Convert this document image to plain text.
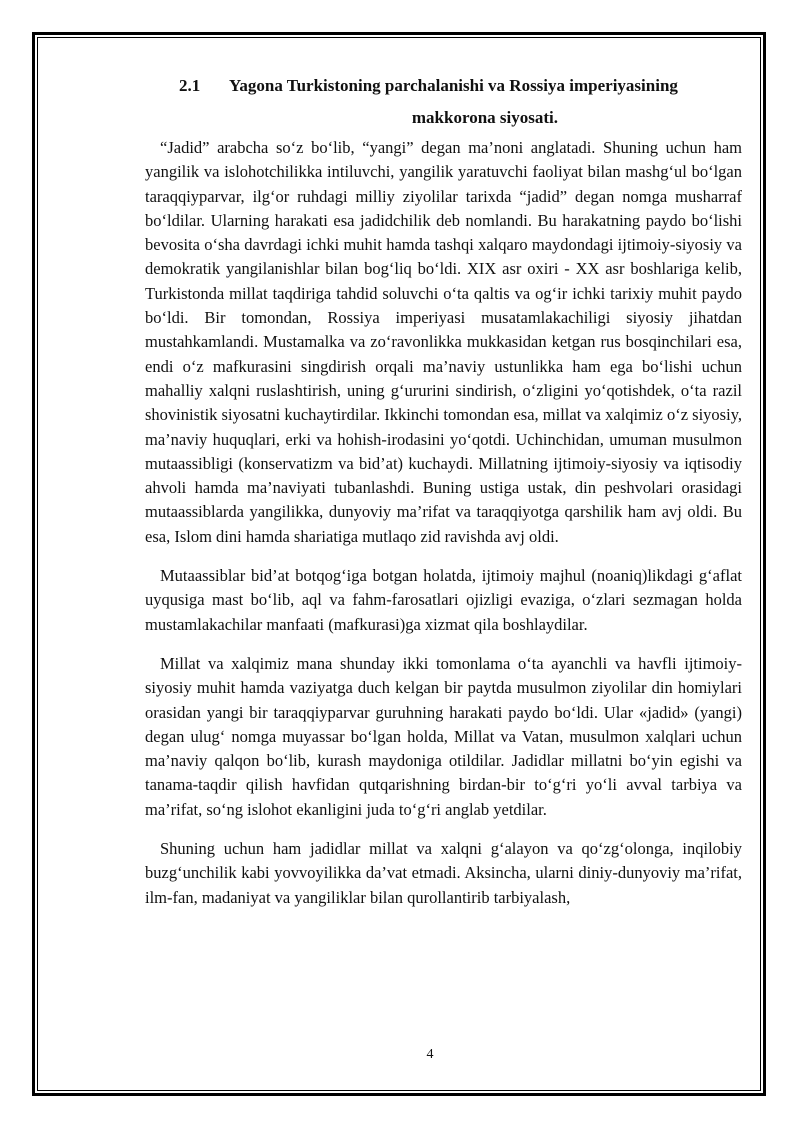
2.1 Yagona Turkistoning parchalanishi va Rossiya imperiyasining
makkorona siyosati.

“Jadid” arabcha so‘z bo‘lib, “yangi” degan ma’noni anglatadi. Shuning uchun ham yangilik va islohotchilikka intiluvchi, yangilik yaratuvchi faoliyat bilan mashg‘ul bo‘lgan taraqqiyparvar, ilg‘or ruhdagi milliy ziyolilar tarixda “jadid” degan nomga musharraf bo‘ldilar. Ularning harakati esa jadidchilik deb nomlandi. Bu harakatning paydo bo‘lishi bevosita o‘sha davrdagi ichki muhit hamda tashqi xalqaro maydondagi ijtimoiy-siyosiy va demokratik yangilanishlar bilan bog‘liq bo‘ldi. XIX asr oxiri - XX asr boshlariga kelib, Turkistonda millat taqdiriga tahdid soluvchi o‘ta qaltis va og‘ir ichki tarixiy muhit paydo bo‘ldi. Bir tomondan, Rossiya imperiyasi musatamlakachiligi siyosiy jihatdan mustahkamlandi. Mustamalka va zo‘ravonlikka mukkasidan ketgan rus bosqinchilari esa, endi o‘z mafkurasini singdirish orqali ma’naviy ustunlikka ham ega bo‘lishi uchun mahalliy xalqni ruslashtirish, uning g‘ururini sindirish, o‘zligini yo‘qotishdek, o‘ta razil shovinistik siyosatni kuchaytirdilar. Ikkinchi tomondan esa, millat va xalqimiz o‘z siyosiy, ma’naviy huquqlari, erki va hohish-irodasini yo‘qotdi. Uchinchidan, umuman musulmon mutaassibligi (konservatizm va bid’at) kuchaydi. Millatning ijtimoiy-siyosiy va iqtisodiy ahvoli hamda ma’naviyati tubanlashdi. Buning ustiga ustak, din peshvolari orasidagi mutaassiblarda yangilikka, dunyoviy ma’rifat va taraqqiyotga qarshilik ham avj oldi. Bu esa, Islom dini hamda shariatiga mutlaqo zid ravishda avj oldi.

Mutaassiblar bid’at botqog‘iga botgan holatda, ijtimoiy majhul (noaniq)likdagi g‘aflat uyqusiga mast bo‘lib, aql va fahm-farosatlari ojizligi evaziga, o‘zlari sezmagan holda mustamlakachilar manfaati (mafkurasi)ga xizmat qila boshlaydilar.

Millat va xalqimiz mana shunday ikki tomonlama o‘ta ayanchli va havfli ijtimoiy-siyosiy muhit hamda vaziyatga duch kelgan bir paytda musulmon ziyolilar din homiylari orasidan yangi bir taraqqiyparvar guruhning harakati paydo bo‘ldi. Ular «jadid» (yangi) degan ulug‘ nomga muyassar bo‘lgan holda, Millat va Vatan, musulmon xalqlari uchun ma’naviy qalqon bo‘lib, kurash maydoniga otildilar. Jadidlar millatni bo‘yin egishi va tanama-taqdir qilish havfidan qutqarishning birdan-bir to‘g‘ri yo‘li avval tarbiya va ma’rifat, so‘ng islohot ekanligini juda to‘g‘ri anglab yetdilar.

Shuning uchun ham jadidlar millat va xalqni g‘alayon va qo‘zg‘olonga, inqilobiy buzg‘unchilik kabi yovvoyilikka da’vat etmadi. Aksincha, ularni diniy-dunyoviy ma’rifat, ilm-fan, madaniyat va yangiliklar bilan qurollantirib tarbiyalash,

4
